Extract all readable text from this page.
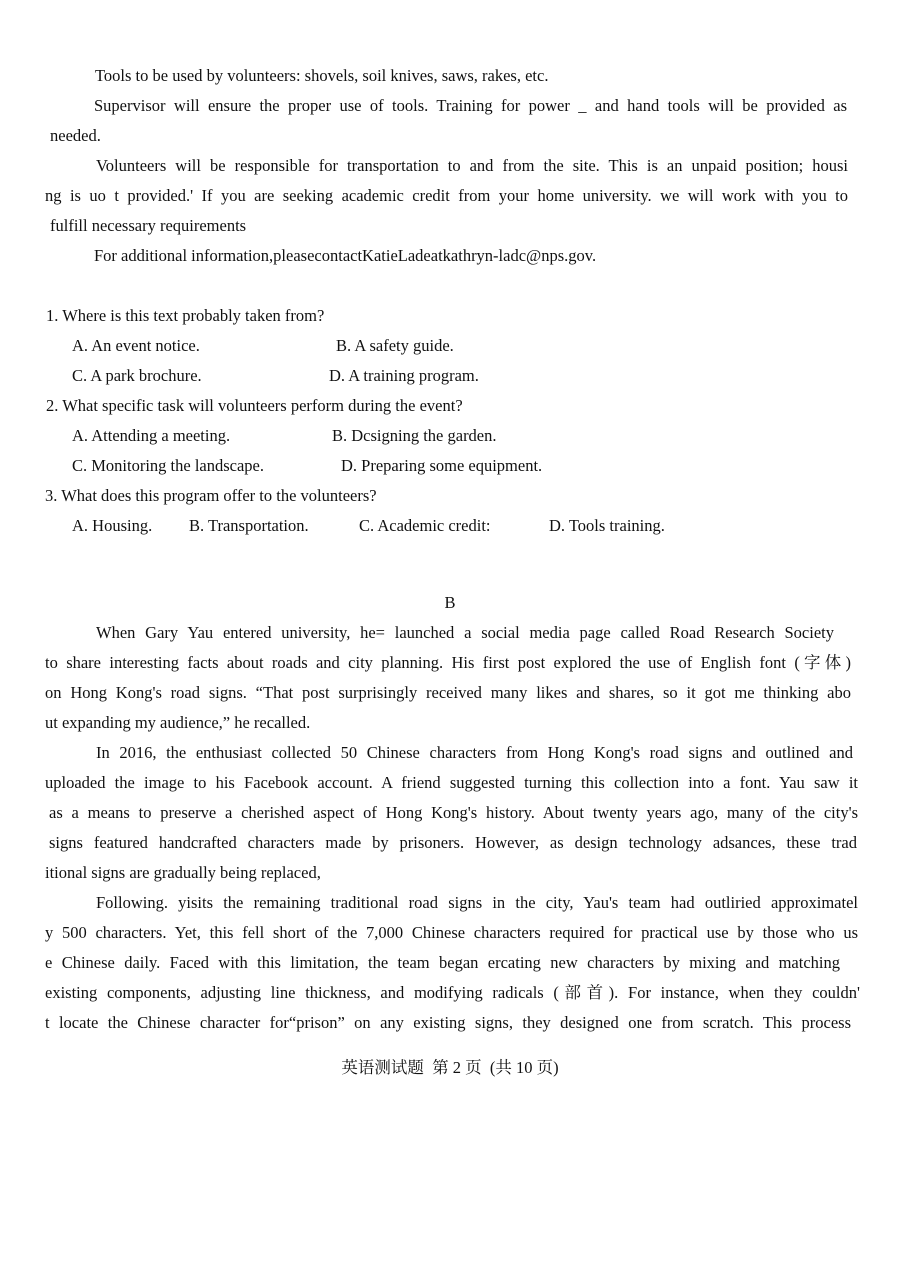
Tools to be used by volunteers: shovels, soil knives, saws, rakes, etc.
Supervisor will ensure the proper use of tools. Training for power _ and hand tools will be provided as
needed.
Volunteers will be responsible for transportation to and from the site. This is an unpaid position; housi
ng is uo t provided.' If you are seeking academic credit from your home university. we will work with you to
fulfill necessary requirements
For additional information,pleasecontactKatieLadeatkathryn-ladc@nps.gov.
1. Where is this text probably taken from?
A. An event notice.	B. A safety guide.
C. A park brochure.	D. A training program.
2. What specific task will volunteers perform during the event?
A. Attending a meeting.	B. Dcsigning the garden.
C. Monitoring the landscape.	D. Preparing some equipment.
3. What does this program offer to the volunteers?
A. Housing. B. Transportation.	C. Academic credit:	D. Tools training.
B
When Gary Yau entered university, he= launched a social media page called Road Research Society
to share interesting facts about roads and city planning. His first post explored the use of English font (字体)
on Hong Kong's road signs. “That post surprisingly received many likes and shares, so it got me thinking abo
ut expanding my audience,” he recalled.
In 2016, the enthusiast collected 50 Chinese characters from Hong Kong's road signs and outlined and
uploaded the image to his Facebook account. A friend suggested turning this collection into a font. Yau saw it
as a means to preserve a cherished aspect of Hong Kong's history. About twenty years ago, many of the city's
signs featured handcrafted characters made by prisoners. However, as design technology adsances, these trad
itional signs are gradually being replaced,
Following. yisits the remaining traditional road signs in the city, Yau's team had outliried approximatel
y 500 characters. Yet, this fell short of the 7,000 Chinese characters required for practical use by those who us
e Chinese daily. Faced with this limitation, the team began ercating new characters by mixing and matching
existing components, adjusting line thickness, and modifying radicals (部首). For instance, when they couldn'
t locate the Chinese character for“prison” on any existing signs, they designed one from scratch. This process
英语测试题  第 2 页  (共 10 页)
